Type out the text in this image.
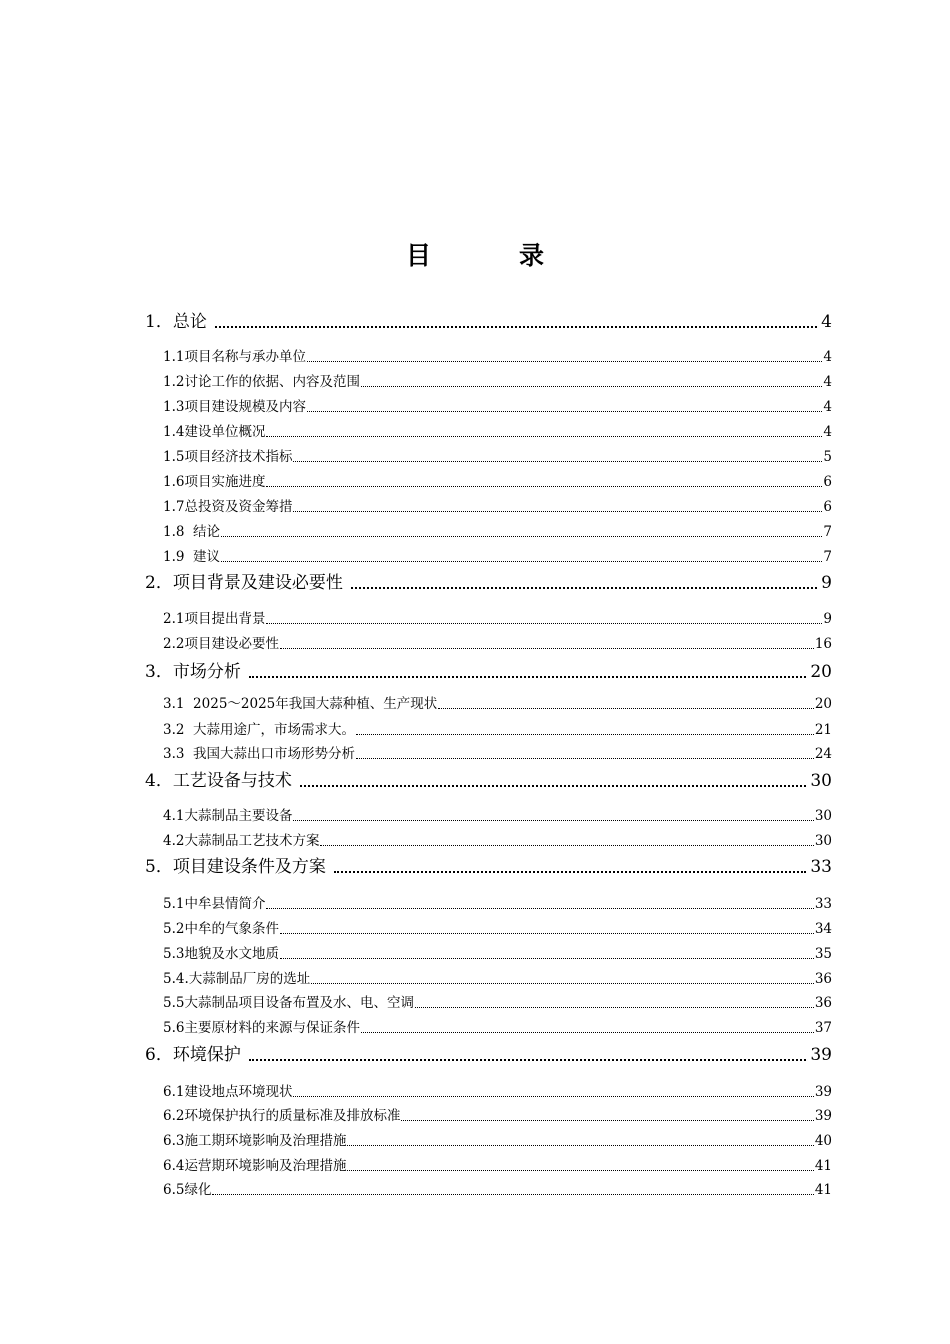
目	录
1．总论	4
1.1项目名称与承办单位	4
1.2讨论工作的依据、内容及范围	4
1.3项目建设规模及内容	4
1.4建设单位概况	4
1.5项目经济技术指标	5
1.6项目实施进度	6
1.7总投资及资金筹措	6
1.8  结论	7
1.9  建议	7
2．项目背景及建设必要性	9
2.1项目提出背景	9
2.2项目建设必要性	16
3．市场分析	20
3.1  2025～2025年我国大蒜种植、生产现状	20
3.2  大蒜用途广，市场需求大。	21
3.3  我国大蒜出口市场形势分析	24
4．工艺设备与技术	30
4.1大蒜制品主要设备	30
4.2大蒜制品工艺技术方案	30
5．项目建设条件及方案	33
5.1中牟县情简介	33
5.2中牟的气象条件	34
5.3地貌及水文地质	35
5.4.大蒜制品厂房的选址	36
5.5大蒜制品项目设备布置及水、电、空调	36
5.6主要原材料的来源与保证条件	37
6．环境保护	39
6.1建设地点环境现状	39
6.2环境保护执行的质量标准及排放标准	39
6.3施工期环境影响及治理措施	40
6.4运营期环境影响及治理措施	41
6.5绿化	41
